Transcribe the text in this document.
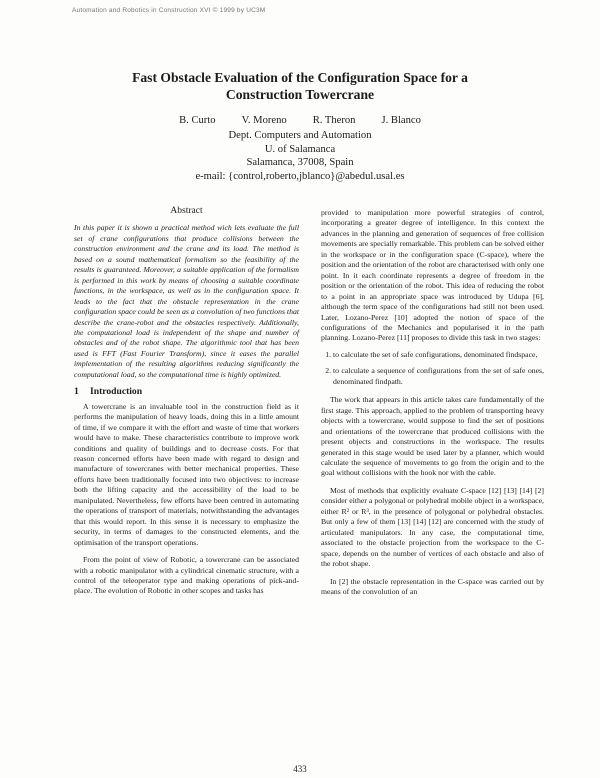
Automation and Robotics in Construction XVI © 1999 by UC3M
Fast Obstacle Evaluation of the Configuration Space for a
Construction Towercrane
B. Curto V. Moreno R. Theron J. Blanco
Dept. Computers and Automation
U. of Salamanca
Salamanca, 37008, Spain
e-mail: {control,roberto,jblanco}@abedul.usal.es
Abstract

In this paper it is shown a practical method wich lets evaluate the full set of crane configurations that produce collisions between the construction environment and the crane and its load. The method is based on a sound mathematical formalism so the feasibility of the results is guaranteed. Moreover, a suitable application of the formalism is performed in this work by means of choosing a suitable coordinate functions, in the workspace, as well as in the configuration space. It leads to the fact that the obstacle representation in the crane configuration space could be seen as a convolution of two functions that describe the crane-robot and the obstacles respectively. Additionally, the computational load is independent of the shape and number of obstacles and of the robot shape. The algorithmic tool that has been used is FFT (Fast Fourier Transform), since it eases the parallel implementation of the resulting algorithms reducing significantly the computational load, so the computational time is highly optimized.

1 Introduction

A towercrane is an invaluable tool in the construction field as it performs the manipulation of heavy loads, doing this in a little amount of time, if we compare it with the effort and waste of time that workers would have to make. These characteristics contribute to improve work conditions and quality of buildings and to decrease costs. For that reason concerned efforts have been made with regard to design and manufacture of towercranes with better mechanical properties. These efforts have been traditionally focused into two objectives: to increase both the lifting capacity and the accessibility of the load to be manipulated. Nevertheless, few efforts have been centred in automating the operations of transport of materials, notwithstanding the advantages that this would report. In this sense it is necessary to emphasize the security, in terms of damages to the constructed elements, and the optimisation of the transport operations.

From the point of view of Robotic, a towercrane can be associated with a robotic manipulator with a cylindrical cinematic structure, with a control of the teleoperator type and making operations of pick-and-place. The evolution of Robotic in other scopes and tasks has

provided to manipulation more powerful strategies of control, incorporating a greater degree of intelligence. In this context the advances in the planning and generation of sequences of free collision movements are specially remarkable. This problem can be solved either in the workspace or in the configuration space (C-space), where the position and the orientation of the robot are characterised with only one point. In it each coordinate represents a degree of freedom in the position or the orientation of the robot. This idea of reducing the robot to a point in an appropriate space was introduced by Udupa [6], although the term space of the configurations had still not been used. Later, Lozano-Perez [10] adopted the notion of space of the configurations of the Mechanics and popularised it in the path planning. Lozano-Perez [11] proposes to divide this task in two stages:

1. to calculate the set of safe configurations, denominated findspace,
2. to calculate a sequence of configurations from the set of safe ones, denominated findpath.

The work that appears in this article takes care fundamentally of the first stage. This approach, applied to the problem of transporting heavy objects with a towercrane, would suppose to find the set of positions and orientations of the towercrane that produced collisions with the present objects and constructions in the workspace. The results generated in this stage would be used later by a planner, which would calculate the sequence of movements to go from the origin and to the goal without collisions with the hook nor with the cable.

Most of methods that explicitly evaluate C-space [12] [13] [14] [2] consider either a polygonal or polyhedral mobile object in a workspace, either R² or R³, in the presence of polygonal or polyhedral obstacles. But only a few of them [13] [14] [12] are concerned with the study of articulated manipulators. In any case, the computational time, associated to the obstacle projection from the workspace to the C-space, depends on the number of vertices of each obstacle and also of the robot shape.

In [2] the obstacle representation in the C-space was carried out by means of the convolution of an

433
